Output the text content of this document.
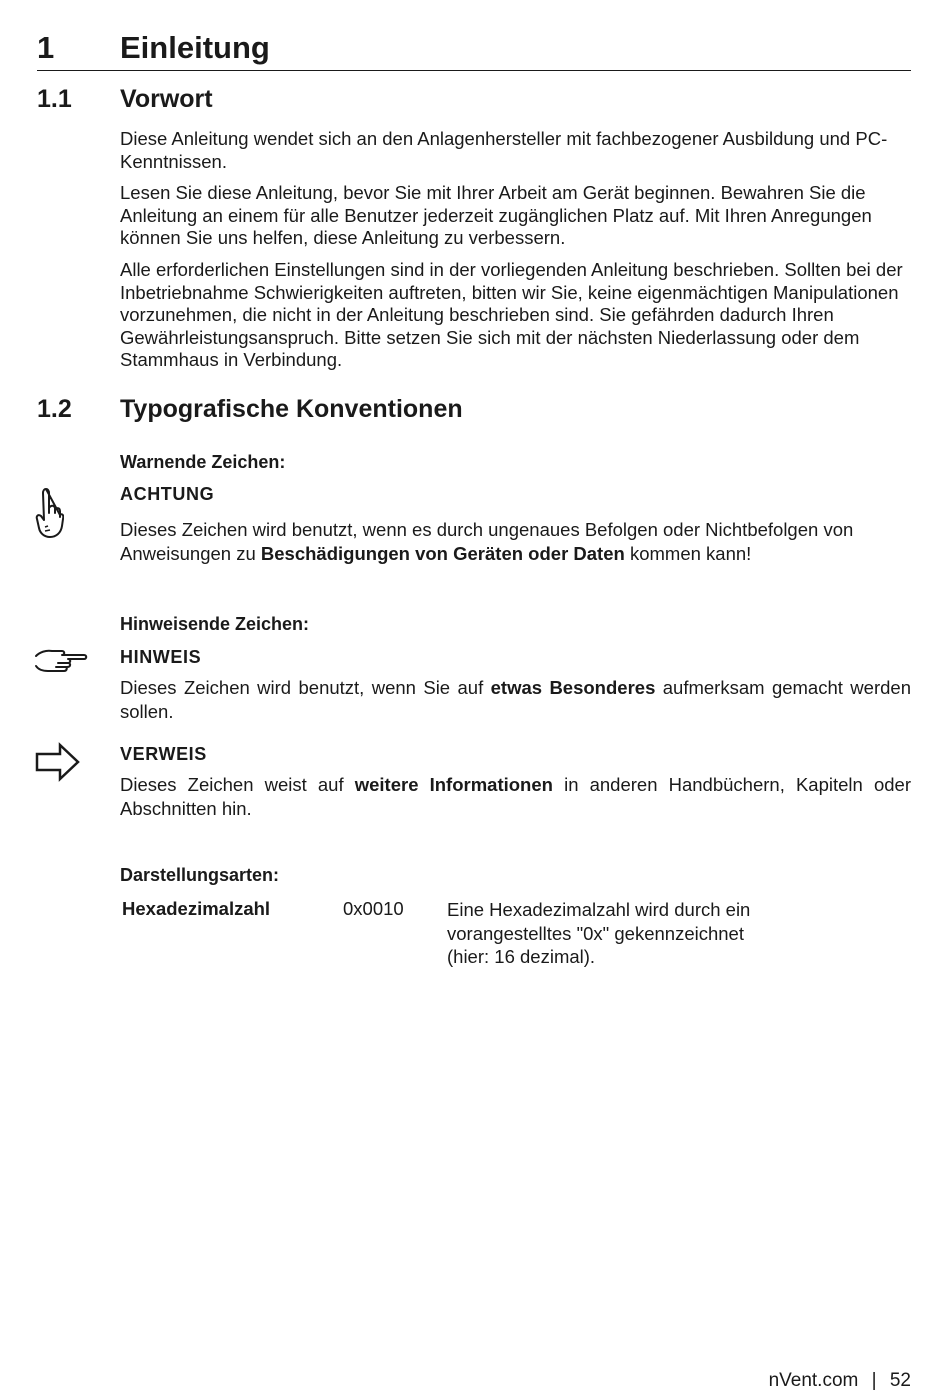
1 Einleitung
1.1 Vorwort

Diese Anleitung wendet sich an den Anlagenhersteller mit fachbezogener Ausbildung und PC-Kenntnissen.

Lesen Sie diese Anleitung, bevor Sie mit Ihrer Arbeit am Gerät beginnen. Bewahren Sie die Anleitung an einem für alle Benutzer jederzeit zugänglichen Platz auf. Mit Ihren Anregungen können Sie uns helfen, diese Anleitung zu verbessern.

Alle erforderlichen Einstellungen sind in der vorliegenden Anleitung beschrieben. Sollten bei der Inbetriebnahme Schwierigkeiten auftreten, bitten wir Sie, keine eigenmächtigen Manipulationen vorzunehmen, die nicht in der Anleitung beschrieben sind. Sie gefährden dadurch Ihren Gewährleistungsanspruch. Bitte setzen Sie sich mit der nächsten Niederlassung oder dem Stammhaus in Verbindung.

1.2 Typografische Konventionen
Warnende Zeichen:
ACHTUNG
Dieses Zeichen wird benutzt, wenn es durch ungenaues Befolgen oder Nichtbefolgen von Anweisungen zu Beschädigungen von Geräten oder Daten kommen kann!
Hinweisende Zeichen:
HINWEIS
Dieses Zeichen wird benutzt, wenn Sie auf etwas Besonderes aufmerksam gemacht werden sollen.
VERWEIS
Dieses Zeichen weist auf weitere Informationen in anderen Handbüchern, Kapiteln oder Abschnitten hin.
Darstellungsarten:
Hexadezimalzahl	0x0010 Eine Hexadezimalzahl wird durch ein
vorangestelltes "0x" gekennzeichnet
(hier: 16 dezimal).
nVent.com | 52
